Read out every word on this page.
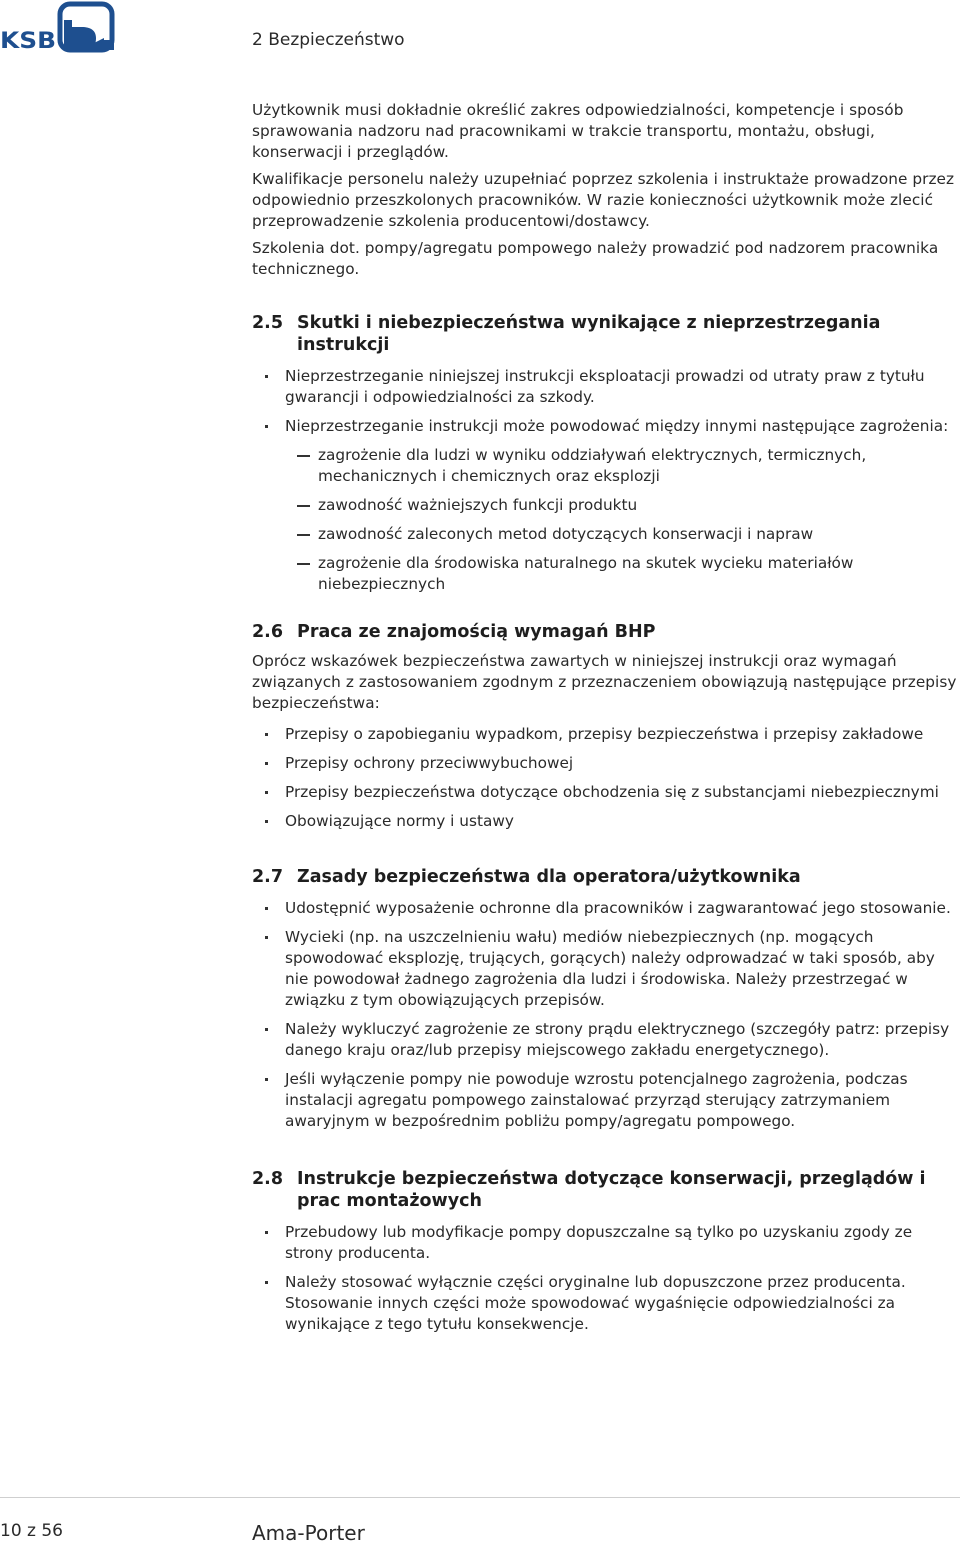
KSB	2 Bezpieczeństwo

Użytkownik musi dokładnie określić zakres odpowiedzialności, kompetencje i sposób sprawowania nadzoru nad pracownikami w trakcie transportu, montażu, obsługi, konserwacji i przeglądów.

Kwalifikacje personelu należy uzupełniać poprzez szkolenia i instruktaże prowadzone przez odpowiednio przeszkolonych pracowników. W razie konieczności użytkownik może zlecić przeprowadzenie szkolenia producentowi/dostawcy.

Szkolenia dot. pompy/agregatu pompowego należy prowadzić pod nadzorem pracownika technicznego.

2.5 Skutki i niebezpieczeństwa wynikające z nieprzestrzegania instrukcji
Nieprzestrzeganie niniejszej instrukcji eksploatacji prowadzi od utraty praw z tytułu gwarancji i odpowiedzialności za szkody.
Nieprzestrzeganie instrukcji może powodować między innymi następujące zagrożenia:
zagrożenie dla ludzi w wyniku oddziaływań elektrycznych, termicznych, mechanicznych i chemicznych oraz eksplozji
zawodność ważniejszych funkcji produktu
zawodność zaleconych metod dotyczących konserwacji i napraw
zagrożenie dla środowiska naturalnego na skutek wycieku materiałów niebezpiecznych
2.6 Praca ze znajomością wymagań BHP

Oprócz wskazówek bezpieczeństwa zawartych w niniejszej instrukcji oraz wymagań związanych z zastosowaniem zgodnym z przeznaczeniem obowiązują następujące przepisy bezpieczeństwa:

Przepisy o zapobieganiu wypadkom, przepisy bezpieczeństwa i przepisy zakładowe
Przepisy ochrony przeciwwybuchowej
Przepisy bezpieczeństwa dotyczące obchodzenia się z substancjami niebezpiecznymi
Obowiązujące normy i ustawy
2.7 Zasady bezpieczeństwa dla operatora/użytkownika
Udostępnić wyposażenie ochronne dla pracowników i zagwarantować jego stosowanie.
Wycieki (np. na uszczelnieniu wału) mediów niebezpiecznych (np. mogących spowodować eksplozję, trujących, gorących) należy odprowadzać w taki sposób, aby nie powodował żadnego zagrożenia dla ludzi i środowiska. Należy przestrzegać w związku z tym obowiązujących przepisów.
Należy wykluczyć zagrożenie ze strony prądu elektrycznego (szczegóły patrz: przepisy danego kraju oraz/lub przepisy miejscowego zakładu energetycznego).
Jeśli wyłączenie pompy nie powoduje wzrostu potencjalnego zagrożenia, podczas instalacji agregatu pompowego zainstalować przyrząd sterujący zatrzymaniem awaryjnym w bezpośrednim pobliżu pompy/agregatu pompowego.
2.8 Instrukcje bezpieczeństwa dotyczące konserwacji, przeglądów i prac montażowych
Przebudowy lub modyfikacje pompy dopuszczalne są tylko po uzyskaniu zgody ze strony producenta.
Należy stosować wyłącznie części oryginalne lub dopuszczone przez producenta. Stosowanie innych części może spowodować wygaśnięcie odpowiedzialności za wynikające z tego tytułu konsekwencje.
10 z 56	Ama-Porter
